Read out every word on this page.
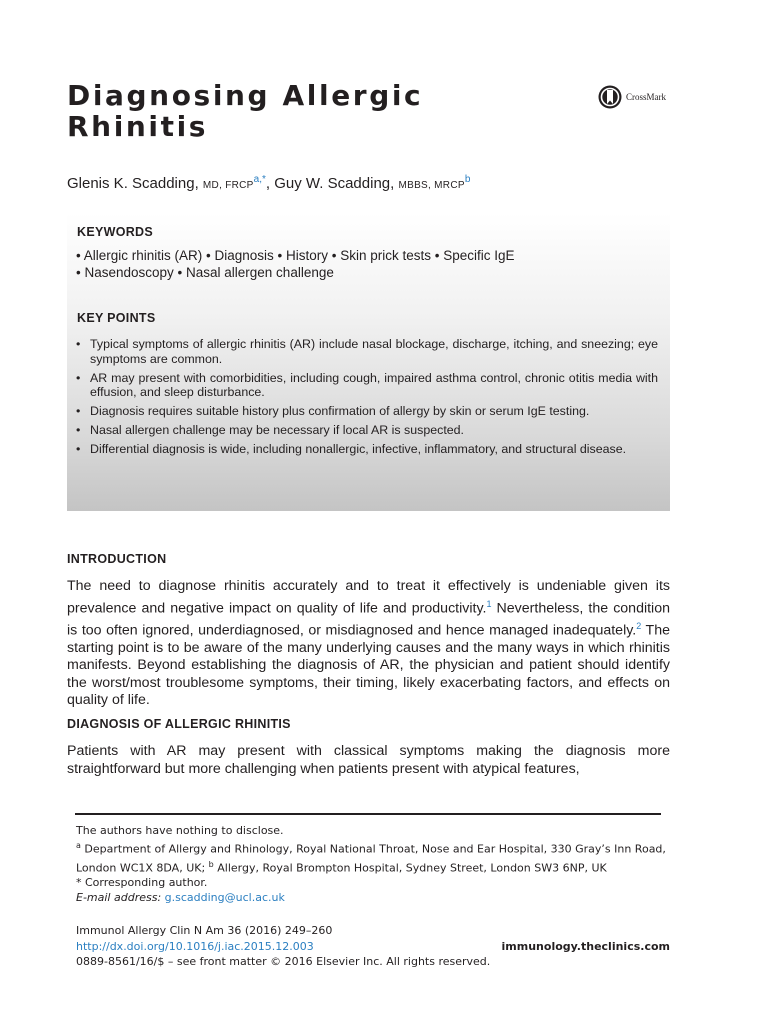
Diagnosing Allergic
Rhinitis
CrossMark
Glenis K. Scadding, MD, $FRCP^{a,*}$, Guy W. Scadding, MBBS, MRCP$^b$
KEYWORDS
• Allergic rhinitis (AR) • Diagnosis • History • Skin prick tests • Specific IgE
• Nasendoscopy • Nasal allergen challenge
KEY POINTS
• Typical symptoms of allergic rhinitis (AR) include nasal blockage, discharge, itching, and sneezing; eye symptoms are common.
• AR may present with comorbidities, including cough, impaired asthma control, chronic otitis media with effusion, and sleep disturbance.
• Diagnosis requires suitable history plus confirmation of allergy by skin or serum IgE testing.
• Nasal allergen challenge may be necessary if local AR is suspected.
• Differential diagnosis is wide, including nonallergic, infective, inflammatory, and structural disease.
INTRODUCTION

The need to diagnose rhinitis accurately and to treat it effectively is undeniable given its prevalence and negative impact on quality of life and productivity.$^1$ Nevertheless, the condition is too often ignored, underdiagnosed, or misdiagnosed and hence managed inadequately.$^2$ The starting point is to be aware of the many underlying causes and the many ways in which rhinitis manifests. Beyond establishing the diagnosis of AR, the physician and patient should identify the worst/most troublesome symptoms, their timing, likely exacerbating factors, and effects on quality of life.

DIAGNOSIS OF ALLERGIC RHINITIS

Patients with AR may present with classical symptoms making the diagnosis more straightforward but more challenging when patients present with atypical features,

The authors have nothing to disclose.
$^a$ Department of Allergy and Rhinology, Royal National Throat, Nose and Ear Hospital, 330 Gray’s Inn Road, London WC1X 8DA, UK; $^b$ Allergy, Royal Brompton Hospital, Sydney Street, London SW3 6NP, UK
* Corresponding author.
E-mail address: g.scadding@ucl.ac.uk
Immunol Allergy Clin N Am 36 (2016) 249–260
http://dx.doi.org/10.1016/j.iac.2015.12.003	immunology.theclinics.com
0889-8561/16/$ – see front matter © 2016 Elsevier Inc. All rights reserved.
